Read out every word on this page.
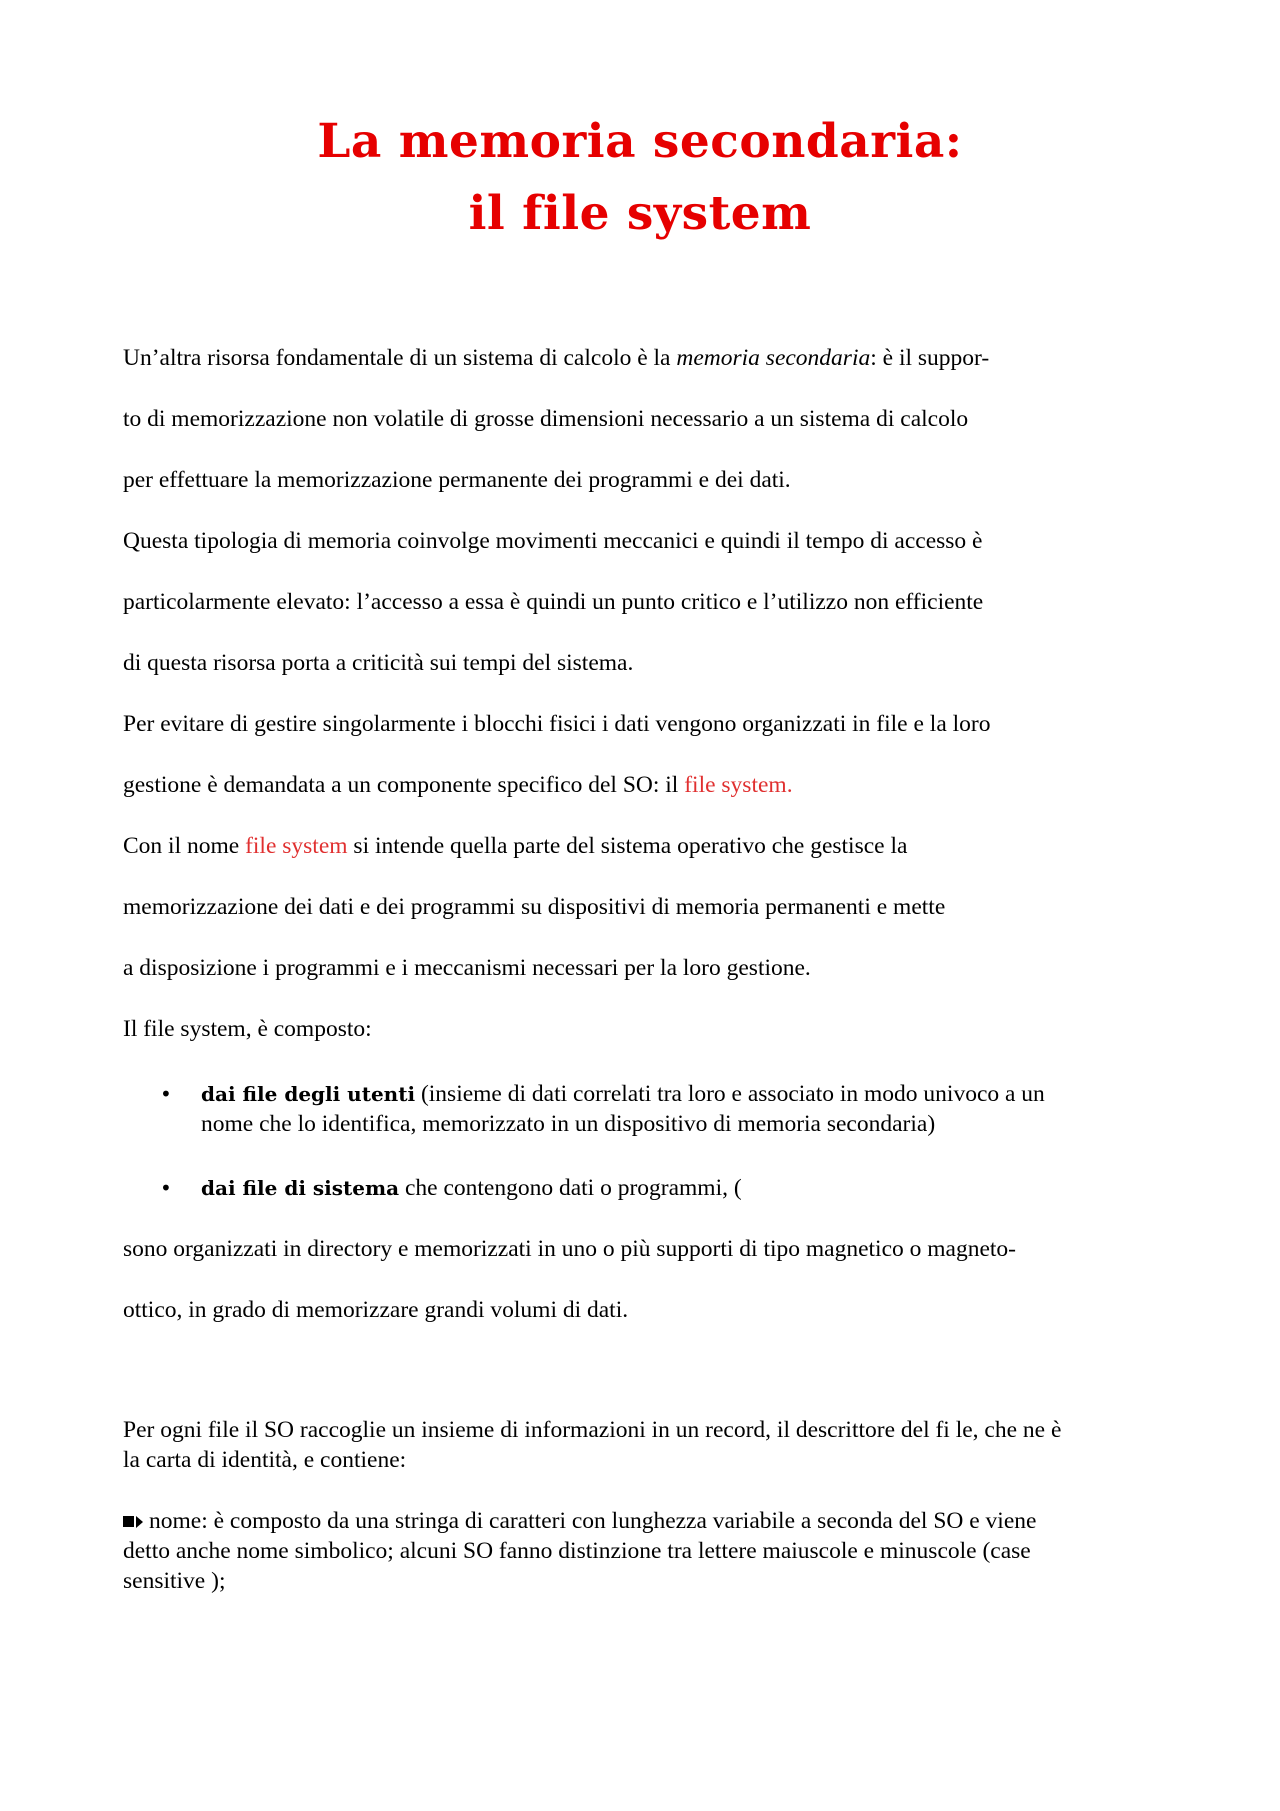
La memoria secondaria:
il file system

Un’altra risorsa fondamentale di un sistema di calcolo è la memoria secondaria: è il suppor-

to di memorizzazione non volatile di grosse dimensioni necessario a un sistema di calcolo

per effettuare la memorizzazione permanente dei programmi e dei dati.

Questa tipologia di memoria coinvolge movimenti meccanici e quindi il tempo di accesso è

particolarmente elevato: l’accesso a essa è quindi un punto critico e l’utilizzo non efficiente

di questa risorsa porta a criticità sui tempi del sistema.

Per evitare di gestire singolarmente i blocchi fisici i dati vengono organizzati in file e la loro

gestione è demandata a un componente specifico del SO: il file system.

Con il nome file system si intende quella parte del sistema operativo che gestisce la

memorizzazione dei dati e dei programmi su dispositivi di memoria permanenti e mette

a disposizione i programmi e i meccanismi necessari per la loro gestione.

Il file system, è composto:

• dai file degli utenti (insieme di dati correlati tra loro e associato in modo univoco a un

nome che lo identifica, memorizzato in un dispositivo di memoria secondaria)

• dai file di sistema che contengono dati o programmi, (

sono organizzati in directory e memorizzati in uno o più supporti di tipo magnetico o magneto-

ottico, in grado di memorizzare grandi volumi di dati.

Per ogni file il SO raccoglie un insieme di informazioni in un record, il descrittore del fi le, che ne è

la carta di identità, e contiene:

nome: è composto da una stringa di caratteri con lunghezza variabile a seconda del SO e viene

detto anche nome simbolico; alcuni SO fanno distinzione tra lettere maiuscole e minuscole (case

sensitive );
